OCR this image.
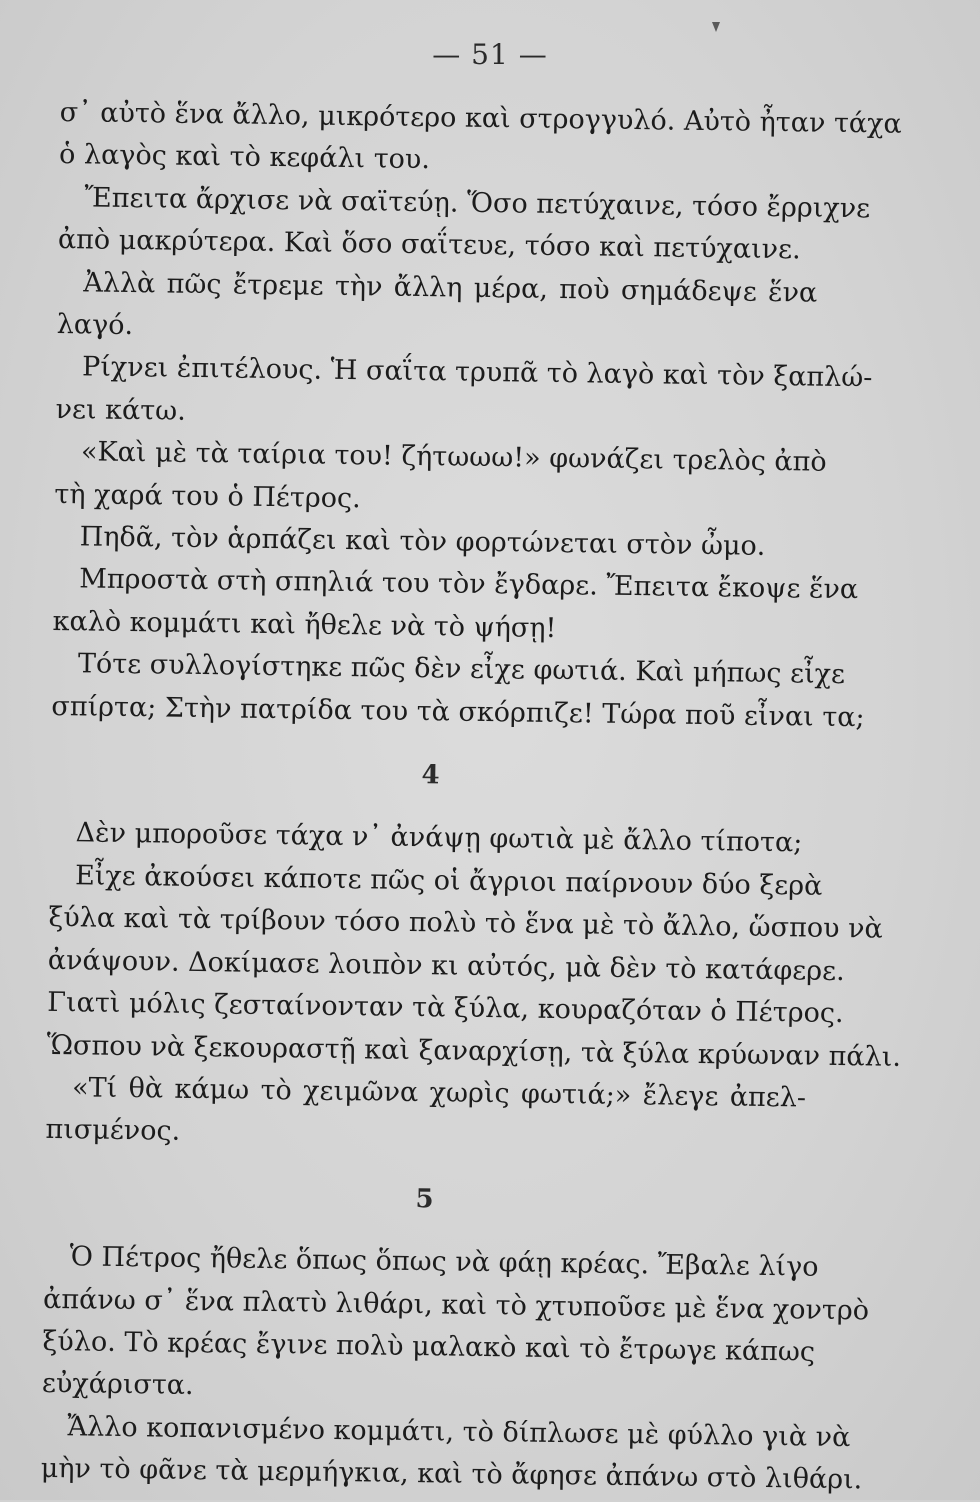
— 51 —
σ᾽ αὐτὸ ἕνα ἄλλο, μικρότερο καὶ στρογγυλό. Αὐτὸ ἦταν τάχα
ὁ λαγὸς καὶ τὸ κεφάλι του.
Ἔπειτα ἄρχισε νὰ σαϊτεύῃ. Ὅσο πετύχαινε, τόσο ἔρριχνε
ἀπὸ μακρύτερα. Καὶ ὅσο σαΐτευε, τόσο καὶ πετύχαινε.
Ἀλλὰ πῶς ἔτρεμε τὴν ἄλλη μέρα, ποὺ σημάδεψε ἕνα
λαγό.
Ρίχνει ἐπιτέλους. Ἡ σαΐτα τρυπᾶ τὸ λαγὸ καὶ τὸν ξαπλώ-
νει κάτω.
«Καὶ μὲ τὰ ταίρια του! ζήτωωω!» φωνάζει τρελὸς ἀπὸ
τὴ χαρά του ὁ Πέτρος.
Πηδᾶ, τὸν ἁρπάζει καὶ τὸν φορτώνεται στὸν ὦμο.
Μπροστὰ στὴ σπηλιά του τὸν ἔγδαρε. Ἔπειτα ἔκοψε ἕνα
καλὸ κομμάτι καὶ ἤθελε νὰ τὸ ψήσῃ!
Τότε συλλογίστηκε πῶς δὲν εἶχε φωτιά. Καὶ μήπως εἶχε
σπίρτα; Στὴν πατρίδα του τὰ σκόρπιζε! Τώρα ποῦ εἶναι τα;
4
Δὲν μποροῦσε τάχα ν᾽ ἀνάψῃ φωτιὰ μὲ ἄλλο τίποτα;
Εἶχε ἀκούσει κάποτε πῶς οἱ ἄγριοι παίρνουν δύο ξερὰ
ξύλα καὶ τὰ τρίβουν τόσο πολὺ τὸ ἕνα μὲ τὸ ἄλλο, ὥσπου νὰ
ἀνάψουν. Δοκίμασε λοιπὸν κι αὐτός, μὰ δὲν τὸ κατάφερε.
Γιατὶ μόλις ζεσταίνονταν τὰ ξύλα, κουραζόταν ὁ Πέτρος.
Ὥσπου νὰ ξεκουραστῇ καὶ ξαναρχίσῃ, τὰ ξύλα κρύωναν πάλι.
«Τί θὰ κάμω τὸ χειμῶνα χωρὶς φωτιά;» ἔλεγε ἀπελ-
πισμένος.
5
Ὁ Πέτρος ἤθελε ὅπως ὅπως νὰ φάῃ κρέας. Ἔβαλε λίγο
ἀπάνω σ᾽ ἕνα πλατὺ λιθάρι, καὶ τὸ χτυποῦσε μὲ ἕνα χοντρὸ
ξύλο. Τὸ κρέας ἔγινε πολὺ μαλακὸ καὶ τὸ ἔτρωγε κάπως
εὐχάριστα.
Ἄλλο κοπανισμένο κομμάτι, τὸ δίπλωσε μὲ φύλλο γιὰ νὰ
μὴν τὸ φᾶνε τὰ μερμήγκια, καὶ τὸ ἄφησε ἀπάνω στὸ λιθάρι.
